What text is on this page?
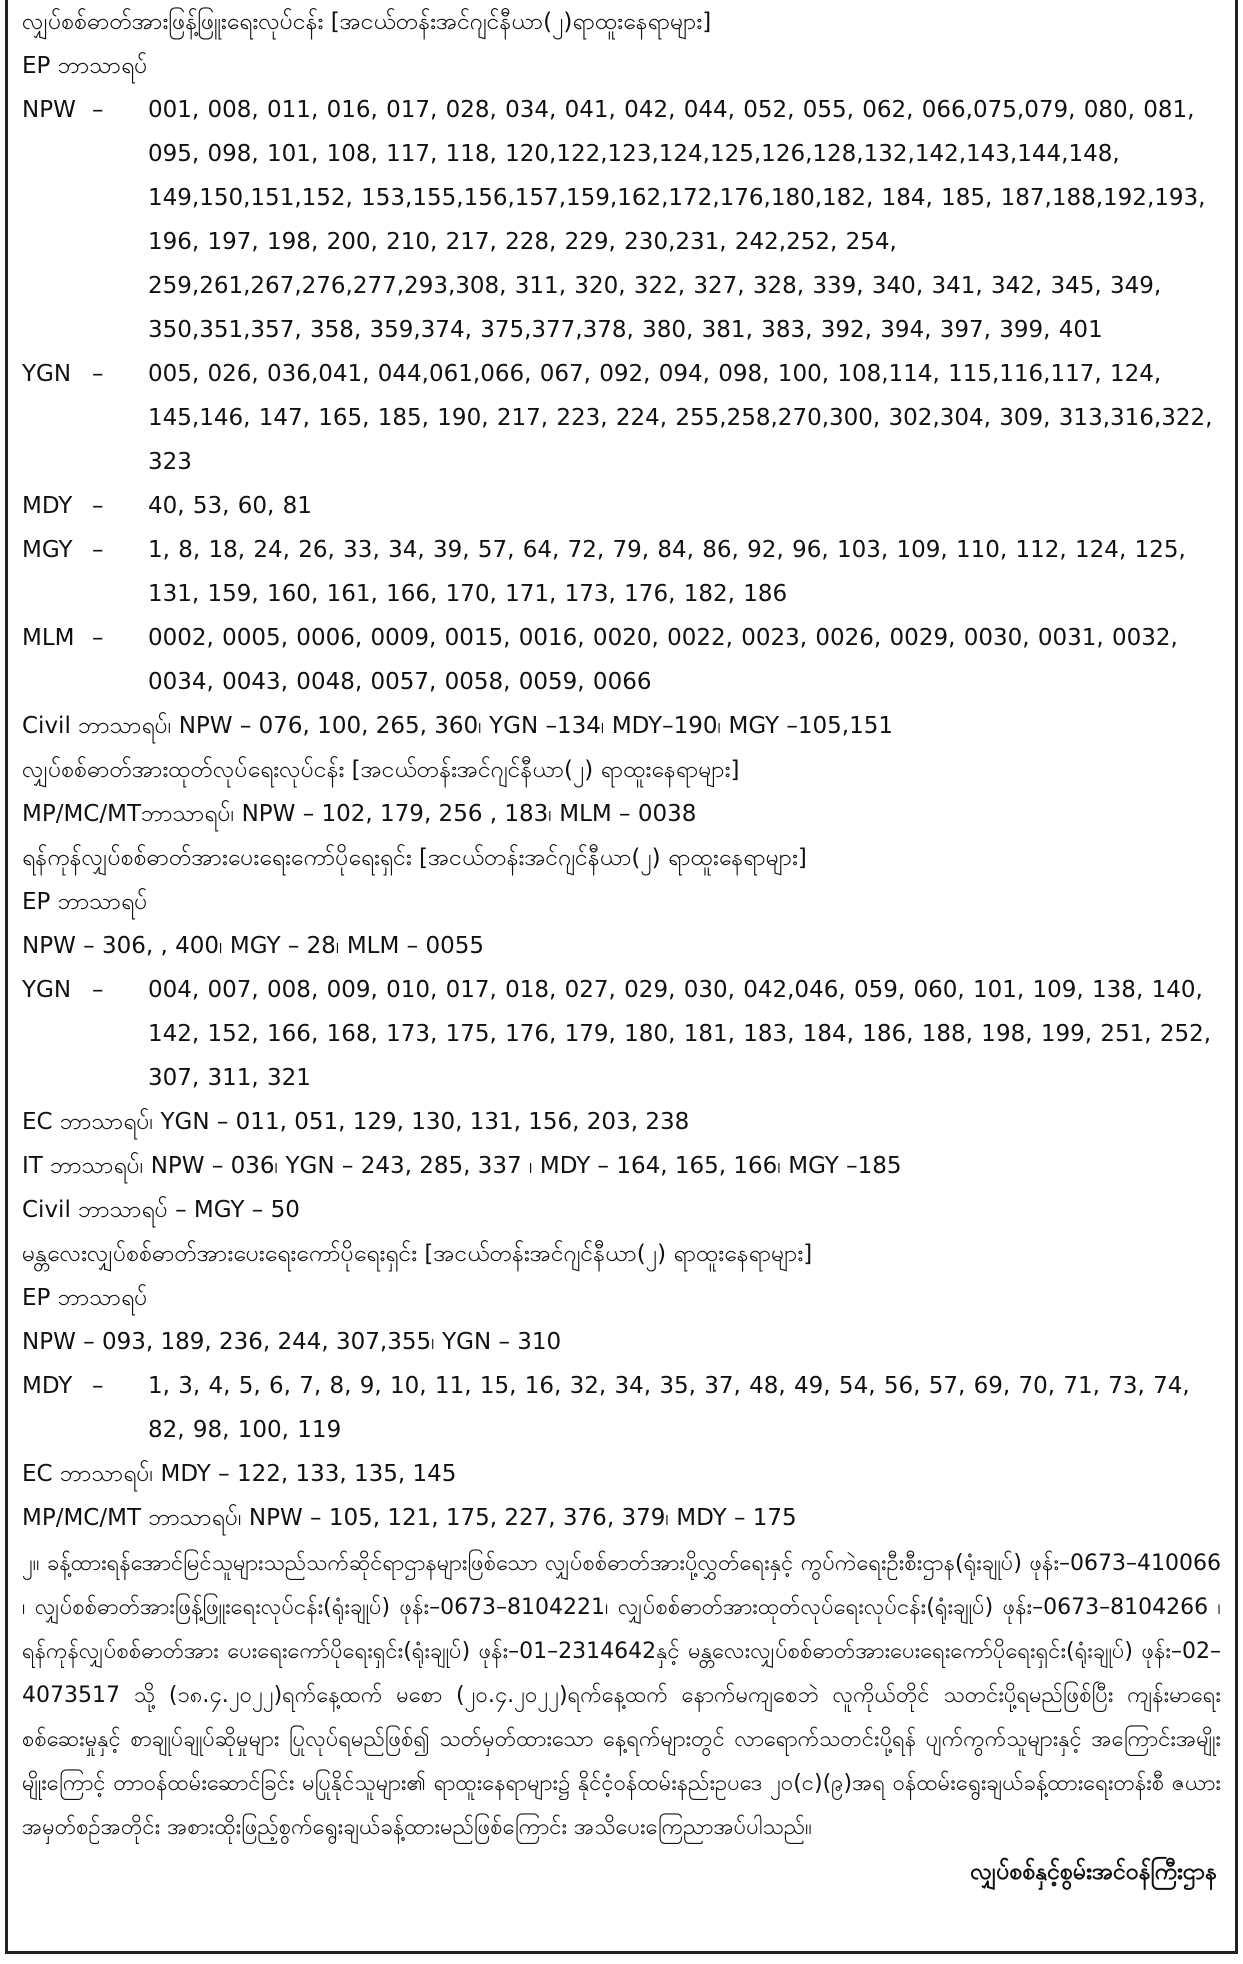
လျှပ်စစ်ဓာတ်အားဖြန့်ဖြူးရေးလုပ်ငန်း [အငယ်တန်းအင်ဂျင်နီယာ(၂)ရာထူးနေရာများ]
EP ဘာသာရပ်
NPW –	001, 008, 011, 016, 017, 028, 034, 041, 042, 044, 052, 055, 062, 066,075,079, 080, 081, 095, 098, 101, 108, 117, 118, 120,122,123,124,125,126,128,132,142,143,144,148, 149,150,151,152, 153,155,156,157,159,162,172,176,180,182, 184, 185, 187,188,192,193, 196, 197, 198, 200, 210, 217, 228, 229, 230,231, 242,252, 254, 259,261,267,276,277,293,308, 311, 320, 322, 327, 328, 339, 340, 341, 342, 345, 349, 350,351,357, 358, 359,374, 375,377,378, 380, 381, 383, 392, 394, 397, 399, 401
YGN –	005, 026, 036,041, 044,061,066, 067, 092, 094, 098, 100, 108,114, 115,116,117, 124, 145,146, 147, 165, 185, 190, 217, 223, 224, 255,258,270,300, 302,304, 309, 313,316,322, 323
MDY –	40, 53, 60, 81
MGY –	1, 8, 18, 24, 26, 33, 34, 39, 57, 64, 72, 79, 84, 86, 92, 96, 103, 109, 110, 112, 124, 125, 131, 159, 160, 161, 166, 170, 171, 173, 176, 182, 186
MLM –	0002, 0005, 0006, 0009, 0015, 0016, 0020, 0022, 0023, 0026, 0029, 0030, 0031, 0032, 0034, 0043, 0048, 0057, 0058, 0059, 0066
Civil ဘာသာရပ်၊ NPW – 076, 100, 265, 360၊ YGN –134၊ MDY–190၊ MGY –105,151
လျှပ်စစ်ဓာတ်အားထုတ်လုပ်ရေးလုပ်ငန်း [အငယ်တန်းအင်ဂျင်နီယာ(၂) ရာထူးနေရာများ]
MP/MC/MTဘာသာရပ်၊ NPW – 102, 179, 256 , 183၊ MLM – 0038
ရန်ကုန်လျှပ်စစ်ဓာတ်အားပေးရေးကော်ပိုရေးရှင်း [အငယ်တန်းအင်ဂျင်နီယာ(၂) ရာထူးနေရာများ]
EP ဘာသာရပ်
NPW – 306, , 400၊ MGY – 28၊ MLM – 0055
YGN –	004, 007, 008, 009, 010, 017, 018, 027, 029, 030, 042,046, 059, 060, 101, 109, 138, 140, 142, 152, 166, 168, 173, 175, 176, 179, 180, 181, 183, 184, 186, 188, 198, 199, 251, 252, 307, 311, 321
EC ဘာသာရပ်၊ YGN – 011, 051, 129, 130, 131, 156, 203, 238
IT ဘာသာရပ်၊ NPW – 036၊ YGN – 243, 285, 337 ၊ MDY – 164, 165, 166၊ MGY –185
Civil ဘာသာရပ် – MGY – 50
မန္တလေးလျှပ်စစ်ဓာတ်အားပေးရေးကော်ပိုရေးရှင်း [အငယ်တန်းအင်ဂျင်နီယာ(၂) ရာထူးနေရာများ]
EP ဘာသာရပ်
NPW – 093, 189, 236, 244, 307,355၊ YGN – 310
MDY –	1, 3, 4, 5, 6, 7, 8, 9, 10, 11, 15, 16, 32, 34, 35, 37, 48, 49, 54, 56, 57, 69, 70, 71, 73, 74, 82, 98, 100, 119
EC ဘာသာရပ်၊ MDY – 122, 133, 135, 145
MP/MC/MT ဘာသာရပ်၊ NPW – 105, 121, 175, 227, 376, 379၊ MDY – 175
၂။ ခန့်ထားရန်အောင်မြင်သူများသည်သက်ဆိုင်ရာဌာနများဖြစ်သော လျှပ်စစ်ဓာတ်အားပို့လွှတ်ရေးနှင့် ကွပ်ကဲရေးဦးစီးဌာန(ရုံးချုပ်) ဖုန်း–0673–410066 ၊ လျှပ်စစ်ဓာတ်အားဖြန့်ဖြူးရေးလုပ်ငန်း(ရုံးချုပ်) ဖုန်း–0673–8104221၊ လျှပ်စစ်ဓာတ်အားထုတ်လုပ်ရေးလုပ်ငန်း(ရုံးချုပ်) ဖုန်း–0673–8104266 ၊ ရန်ကုန်လျှပ်စစ်ဓာတ်အား ပေးရေးကော်ပိုရေးရှင်း(ရုံးချုပ်) ဖုန်း–01–2314642နှင့် မန္တလေးလျှပ်စစ်ဓာတ်အားပေးရေးကော်ပိုရေးရှင်း(ရုံးချုပ်) ဖုန်း–02–4073517 သို့ (၁၈.၄.၂၀၂၂)ရက်နေ့ထက် မစော (၂၀.၄.၂၀၂၂)ရက်နေ့ထက် နောက်မကျစေဘဲ လူကိုယ်တိုင် သတင်းပို့ရမည်ဖြစ်ပြီး ကျန်းမာရေးစစ်ဆေးမှုနှင့် စာချုပ်ချုပ်ဆိုမှုများ ပြုလုပ်ရမည်ဖြစ်၍ သတ်မှတ်ထားသော နေ့ရက်များတွင် လာရောက်သတင်းပို့ရန် ပျက်ကွက်သူများနှင့် အကြောင်းအမျိုးမျိုးကြောင့် တာဝန်ထမ်းဆောင်ခြင်း မပြုနိုင်သူများ၏ ရာထူးနေရာများ၌ နိုင်ငံ့ဝန်ထမ်းနည်းဥပဒေ ၂၀(င)(၉)အရ ဝန်ထမ်းရွေးချယ်ခန့်ထားရေးတန်းစီ ဇယားအမှတ်စဉ်အတိုင်း အစားထိုးဖြည့်စွက်ရွေးချယ်ခန့်ထားမည်ဖြစ်ကြောင်း အသိပေးကြေညာအပ်ပါသည်။
လျှပ်စစ်နှင့်စွမ်းအင်ဝန်ကြီးဌာန
